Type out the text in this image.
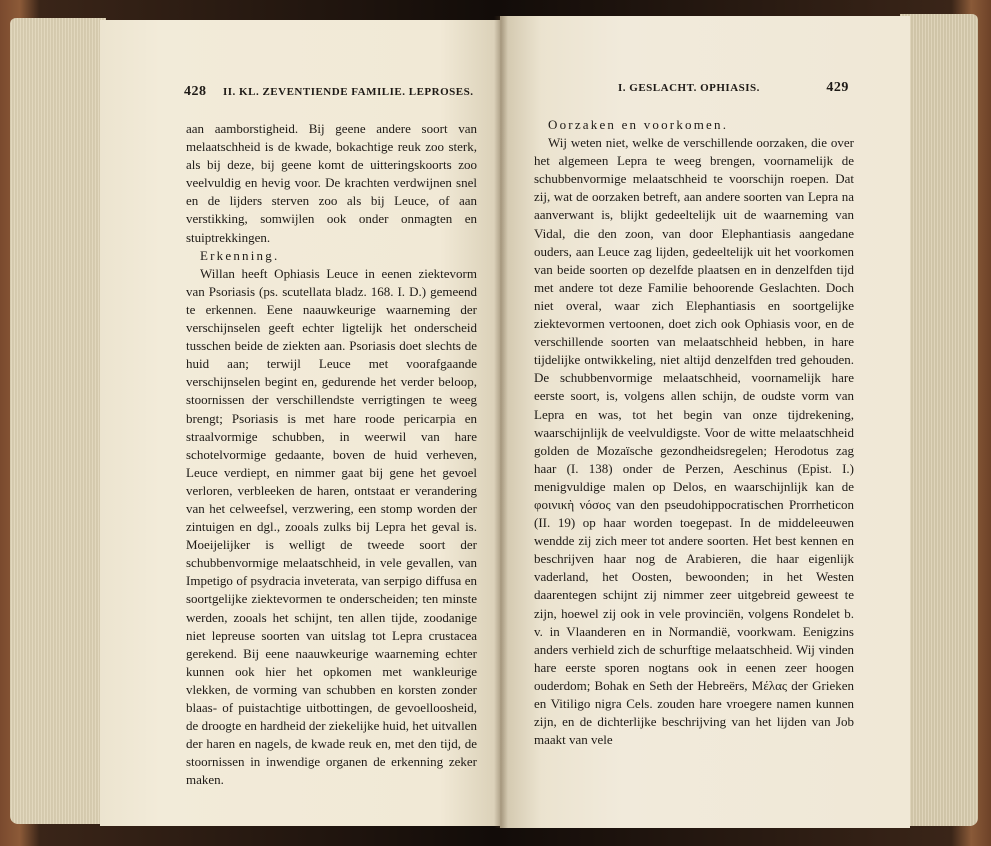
428 II. KL. ZEVENTIENDE FAMILIE. LEPROSES.

aan aamborstigheid. Bij geene andere soort van melaatschheid is de kwade, bokachtige reuk zoo sterk, als bij deze, bij geene komt de uitteringskoorts zoo veelvuldig en hevig voor. De krachten verdwijnen snel en de lijders sterven zoo als bij Leuce, of aan verstikking, somwijlen ook onder onmagten en stuiptrekkingen.

Erkenning.

Willan heeft Ophiasis Leuce in eenen ziektevorm van Psoriasis (ps. scutellata bladz. 168. I. D.) gemeend te erkennen. Eene naauwkeurige waarneming der verschijnselen geeft echter ligtelijk het onderscheid tusschen beide de ziekten aan. Psoriasis doet slechts de huid aan; terwijl Leuce met voorafgaande verschijnselen begint en, gedurende het verder beloop, stoornissen der verschillendste verrigtingen te weeg brengt; Psoriasis is met hare roode pericarpia en straalvormige schubben, in weerwil van hare schotelvormige gedaante, boven de huid verheven, Leuce verdiept, en nimmer gaat bij gene het gevoel verloren, verbleeken de haren, ontstaat er verandering van het celweefsel, verzwering, een stomp worden der zintuigen en dgl., zooals zulks bij Lepra het geval is. Moeijelijker is welligt de tweede soort der schubbenvormige melaatschheid, in vele gevallen, van Impetigo of psydracia inveterata, van serpigo diffusa en soortgelijke ziektevormen te onderscheiden; ten minste werden, zooals het schijnt, ten allen tijde, zoodanige niet lepreuse soorten van uitslag tot Lepra crustacea gerekend. Bij eene naauwkeurige waarneming echter kunnen ook hier het opkomen met wankleurige vlekken, de vorming van schubben en korsten zonder blaas- of puistachtige uitbottingen, de gevoelloosheid, de droogte en hardheid der ziekelijke huid, het uitvallen der haren en nagels, de kwade reuk en, met den tijd, de stoornissen in inwendige organen de erkenning zeker maken.

I. GESLACHT. OPHIASIS.	429

Oorzaken en voorkomen.

Wij weten niet, welke de verschillende oorzaken, die over het algemeen Lepra te weeg brengen, voornamelijk de schubbenvormige melaatschheid te voorschijn roepen. Dat zij, wat de oorzaken betreft, aan andere soorten van Lepra na aanverwant is, blijkt gedeeltelijk uit de waarneming van Vidal, die den zoon, van door Elephantiasis aangedane ouders, aan Leuce zag lijden, gedeeltelijk uit het voorkomen van beide soorten op dezelfde plaatsen en in denzelfden tijd met andere tot deze Familie behoorende Geslachten. Doch niet overal, waar zich Elephantiasis en soortgelijke ziektevormen vertoonen, doet zich ook Ophiasis voor, en de verschillende soorten van melaatschheid hebben, in hare tijdelijke ontwikkeling, niet altijd denzelfden tred gehouden. De schubbenvormige melaatschheid, voornamelijk hare eerste soort, is, volgens allen schijn, de oudste vorm van Lepra en was, tot het begin van onze tijdrekening, waarschijnlijk de veelvuldigste. Voor de witte melaatschheid golden de Mozaïsche gezondheidsregelen; Herodotus zag haar (I. 138) onder de Perzen, Aeschinus (Epist. I.) menigvuldige malen op Delos, en waarschijnlijk kan de φοινικὴ νόσος van den pseudohippocratischen Prorrheticon (II. 19) op haar worden toegepast. In de middeleeuwen wendde zij zich meer tot andere soorten. Het best kennen en beschrijven haar nog de Arabieren, die haar eigenlijk vaderland, het Oosten, bewoonden; in het Westen daarentegen schijnt zij nimmer zeer uitgebreid geweest te zijn, hoewel zij ook in vele provinciën, volgens Rondelet b. v. in Vlaanderen en in Normandië, voorkwam. Eenigzins anders verhield zich de schurftige melaatschheid. Wij vinden hare eerste sporen nogtans ook in eenen zeer hoogen ouderdom; Bohak en Seth der Hebreërs, Μέλας der Grieken en Vitiligo nigra Cels. zouden hare vroegere namen kunnen zijn, en de dichterlijke beschrijving van het lijden van Job maakt van vele
